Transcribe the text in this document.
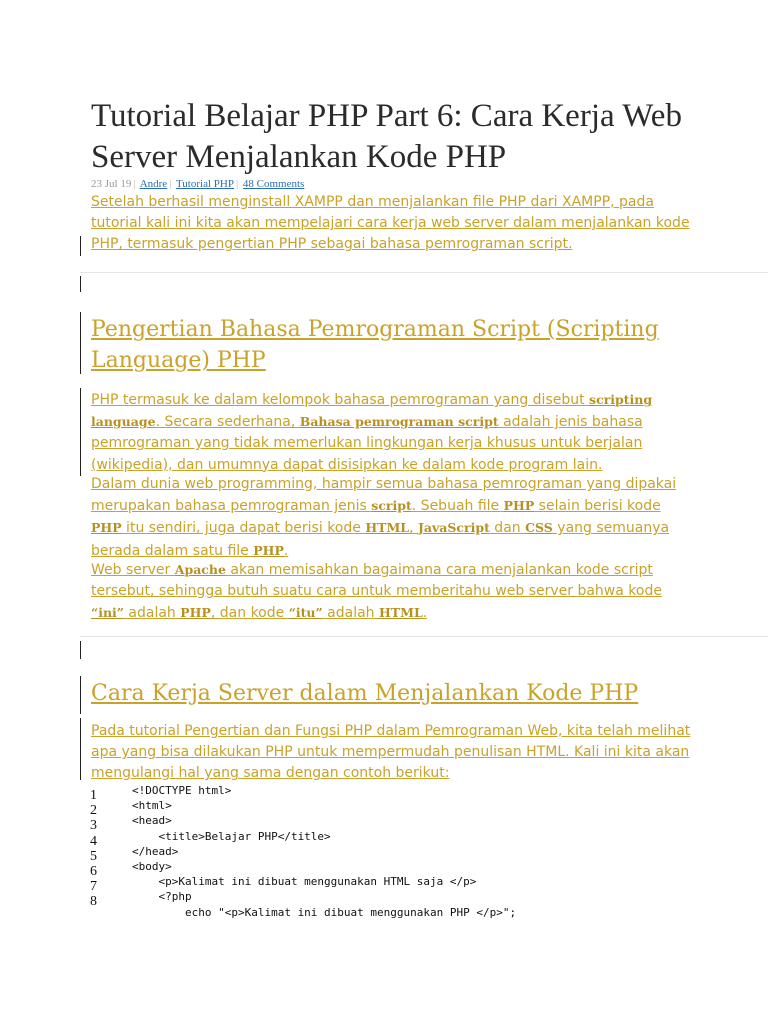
Tutorial Belajar PHP Part 6: Cara Kerja Web Server Menjalankan Kode PHP
23 Jul 19 | Andre | Tutorial PHP | 48 Comments

Setelah berhasil menginstall XAMPP dan menjalankan file PHP dari XAMPP, pada tutorial kali ini kita akan mempelajari cara kerja web server dalam menjalankan kode PHP, termasuk pengertian PHP sebagai bahasa pemrograman script.

Pengertian Bahasa Pemrograman Script (Scripting Language) PHP

PHP termasuk ke dalam kelompok bahasa pemrograman yang disebut scripting language. Secara sederhana, Bahasa pemrograman script adalah jenis bahasa pemrograman yang tidak memerlukan lingkungan kerja khusus untuk berjalan (wikipedia), dan umumnya dapat disisipkan ke dalam kode program lain.

Dalam dunia web programming, hampir semua bahasa pemrograman yang dipakai merupakan bahasa pemrograman jenis script. Sebuah file PHP selain berisi kode PHP itu sendiri, juga dapat berisi kode HTML, JavaScript dan CSS yang semuanya berada dalam satu file PHP.

Web server Apache akan memisahkan bagaimana cara menjalankan kode script tersebut, sehingga butuh suatu cara untuk memberitahu web server bahwa kode “ini” adalah PHP, dan kode “itu” adalah HTML.

Cara Kerja Server dalam Menjalankan Kode PHP

Pada tutorial Pengertian dan Fungsi PHP dalam Pemrograman Web, kita telah melihat apa yang bisa dilakukan PHP untuk mempermudah penulisan HTML. Kali ini kita akan mengulangi hal yang sama dengan contoh berikut:

1	<!DOCTYPE html>
2	<html>
3	<head>
4	<title>Belajar PHP</title>
5	</head>
6	<body>
7	<p>Kalimat ini dibuat menggunakan HTML saja </p>
8	<?php
echo "<p>Kalimat ini dibuat menggunakan PHP </p>";
